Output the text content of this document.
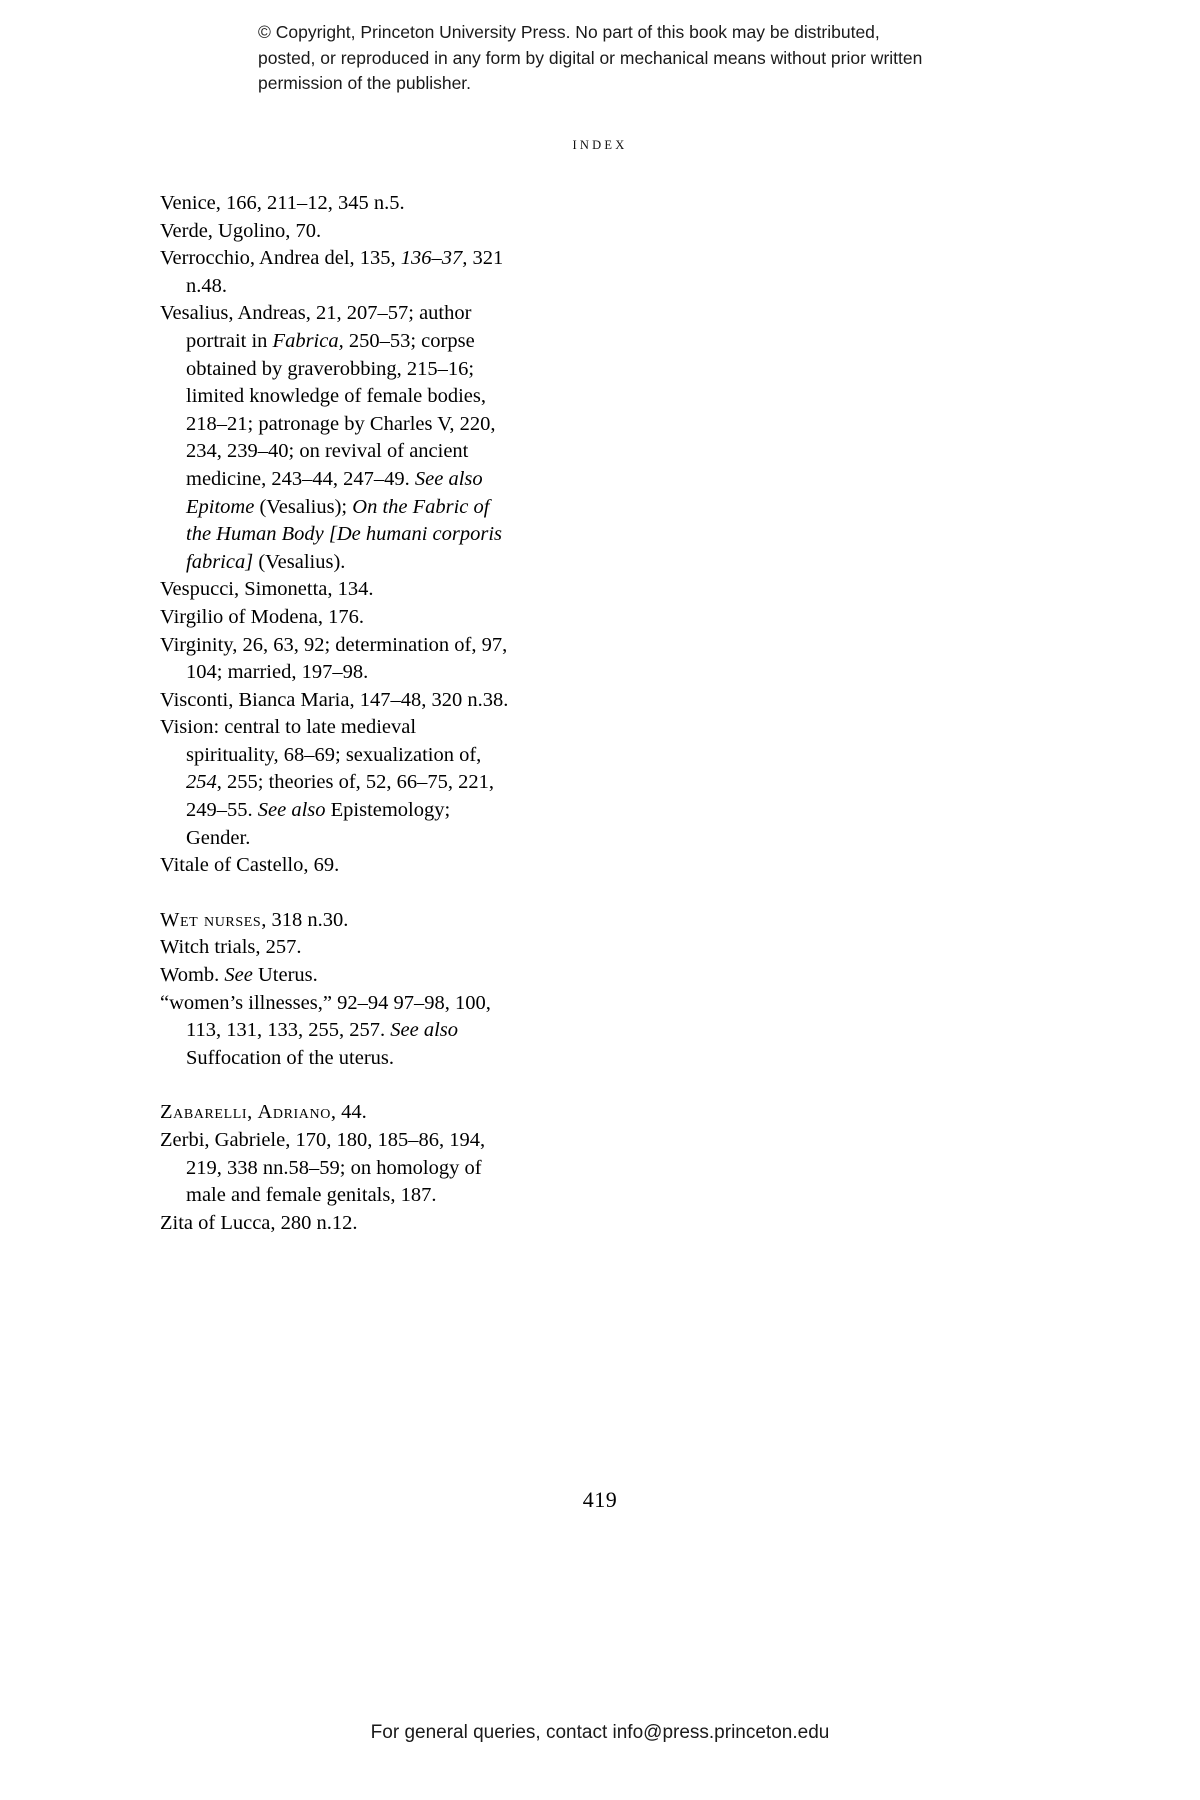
© Copyright, Princeton University Press. No part of this book may be distributed, posted, or reproduced in any form by digital or mechanical means without prior written permission of the publisher.
INDEX

Venice, 166, 211–12, 345 n.5.

Verde, Ugolino, 70.

Verrocchio, Andrea del, 135, 136–37, 321 n.48.

Vesalius, Andreas, 21, 207–57; author portrait in Fabrica, 250–53; corpse obtained by graverobbing, 215–16; limited knowledge of female bodies, 218–21; patronage by Charles V, 220, 234, 239–40; on revival of ancient medicine, 243–44, 247–49. See also Epitome (Vesalius); On the Fabric of the Human Body [De humani corporis fabrica] (Vesalius).

Vespucci, Simonetta, 134.

Virgilio of Modena, 176.

Virginity, 26, 63, 92; determination of, 97, 104; married, 197–98.

Visconti, Bianca Maria, 147–48, 320 n.38.

Vision: central to late medieval spirituality, 68–69; sexualization of, 254, 255; theories of, 52, 66–75, 221, 249–55. See also Epistemology; Gender.

Vitale of Castello, 69.

Wet nurses, 318 n.30.

Witch trials, 257.

Womb. See Uterus.

“women’s illnesses,” 92–94 97–98, 100, 113, 131, 133, 255, 257. See also Suffocation of the uterus.

Zabarelli, Adriano, 44.

Zerbi, Gabriele, 170, 180, 185–86, 194, 219, 338 nn.58–59; on homology of male and female genitals, 187.

Zita of Lucca, 280 n.12.

419
For general queries, contact info@press.princeton.edu
